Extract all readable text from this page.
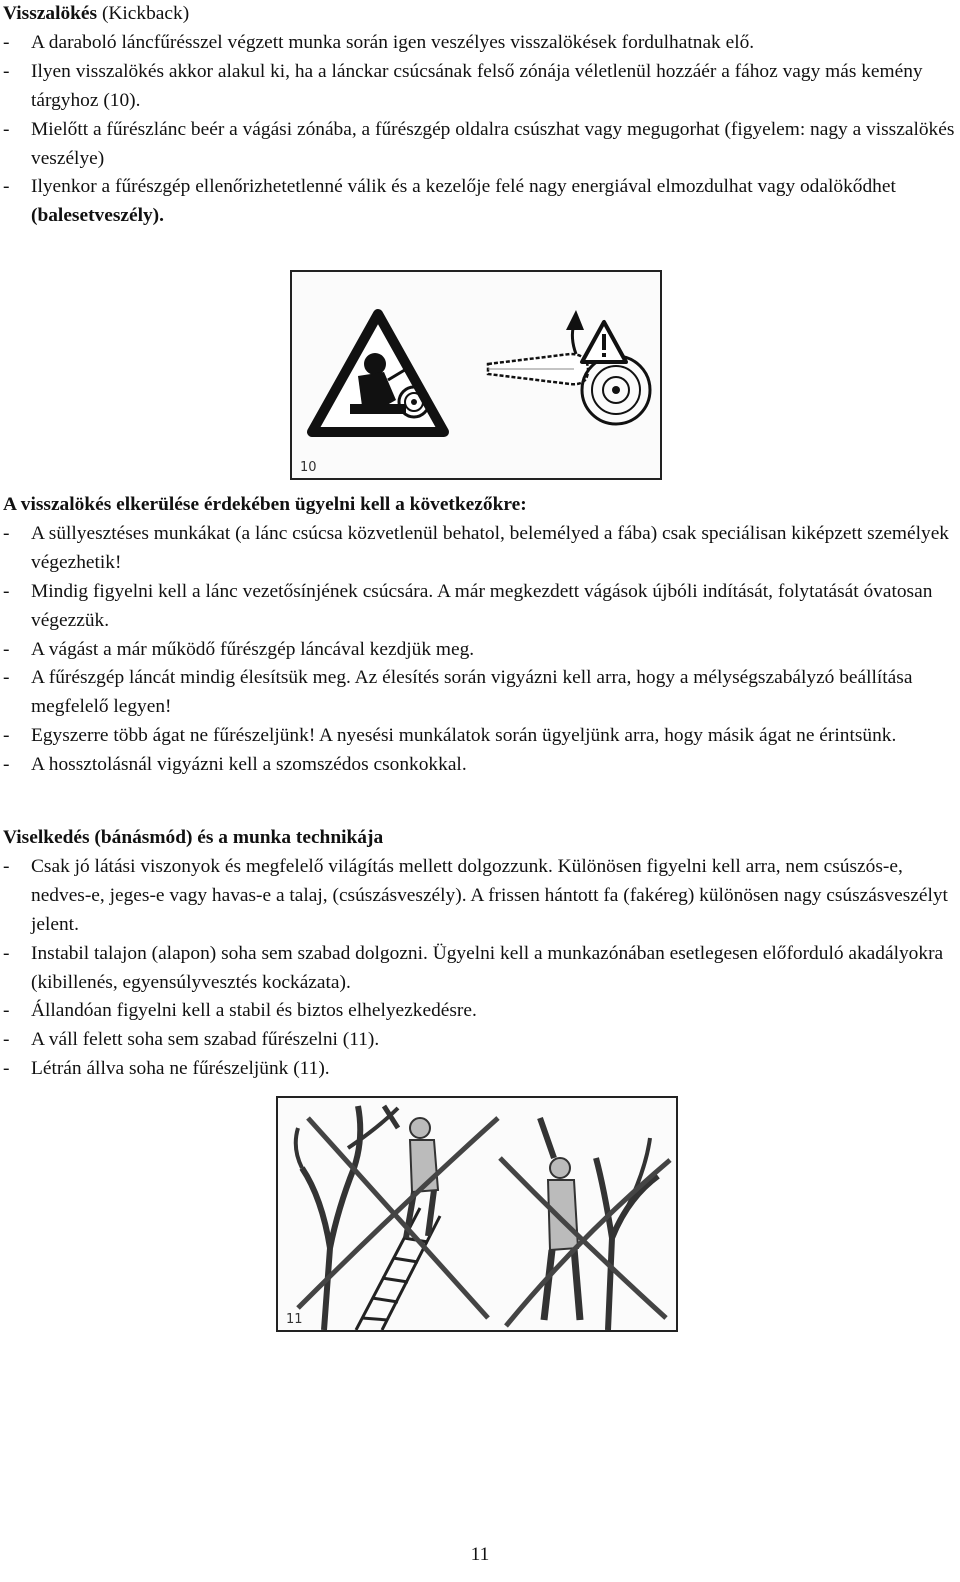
Visszalökés (Kickback)

- A daraboló láncfűrésszel végzett munka során igen veszélyes visszalökések fordulhatnak elő.

- Ilyen visszalökés akkor alakul ki, ha a lánckar csúcsának felső zónája véletlenül hozzáér a fához vagy más kemény tárgyhoz (10).

- Mielőtt a fűrészlánc beér a vágási zónába, a fűrészgép oldalra csúszhat vagy megugorhat (figyelem: nagy a visszalökés veszélye)

- Ilyenkor a fűrészgép ellenőrizhetetlenné válik és a kezelője felé nagy energiával elmozdulhat vagy odalökődhet (balesetveszély).

10

A visszalökés elkerülése érdekében ügyelni kell a következőkre:

- A süllyesztéses munkákat (a lánc csúcsa közvetlenül behatol, belemélyed a fába) csak speciálisan kiképzett személyek végezhetik!

- Mindig figyelni kell a lánc vezetősínjének csúcsára. A már megkezdett vágások újbóli indítását, folytatását óvatosan végezzük.

- A vágást a már működő fűrészgép láncával kezdjük meg.

- A fűrészgép láncát mindig élesítsük meg. Az élesítés során vigyázni kell arra, hogy a mélységszabályzó beállítása megfelelő legyen!

- Egyszerre több ágat ne fűrészeljünk! A nyesési munkálatok során ügyeljünk arra, hogy másik ágat ne érintsünk.

- A hossztolásnál vigyázni kell a szomszédos csonkokkal.

Viselkedés (bánásmód) és a munka technikája

- Csak jó látási viszonyok és megfelelő világítás mellett dolgozzunk. Különösen figyelni kell arra, nem csúszós-e, nedves-e, jeges-e vagy havas-e a talaj, (csúszásveszély). A frissen hántott fa (fakéreg) különösen nagy csúszásveszélyt jelent.

- Instabil talajon (alapon) soha sem szabad dolgozni. Ügyelni kell a munkazónában esetlegesen előforduló akadályokra (kibillenés, egyensúlyvesztés kockázata).

- Állandóan figyelni kell a stabil és biztos elhelyezkedésre.

- A váll felett soha sem szabad fűrészelni (11).

- Létrán állva soha ne fűrészeljünk (11).

11
11
